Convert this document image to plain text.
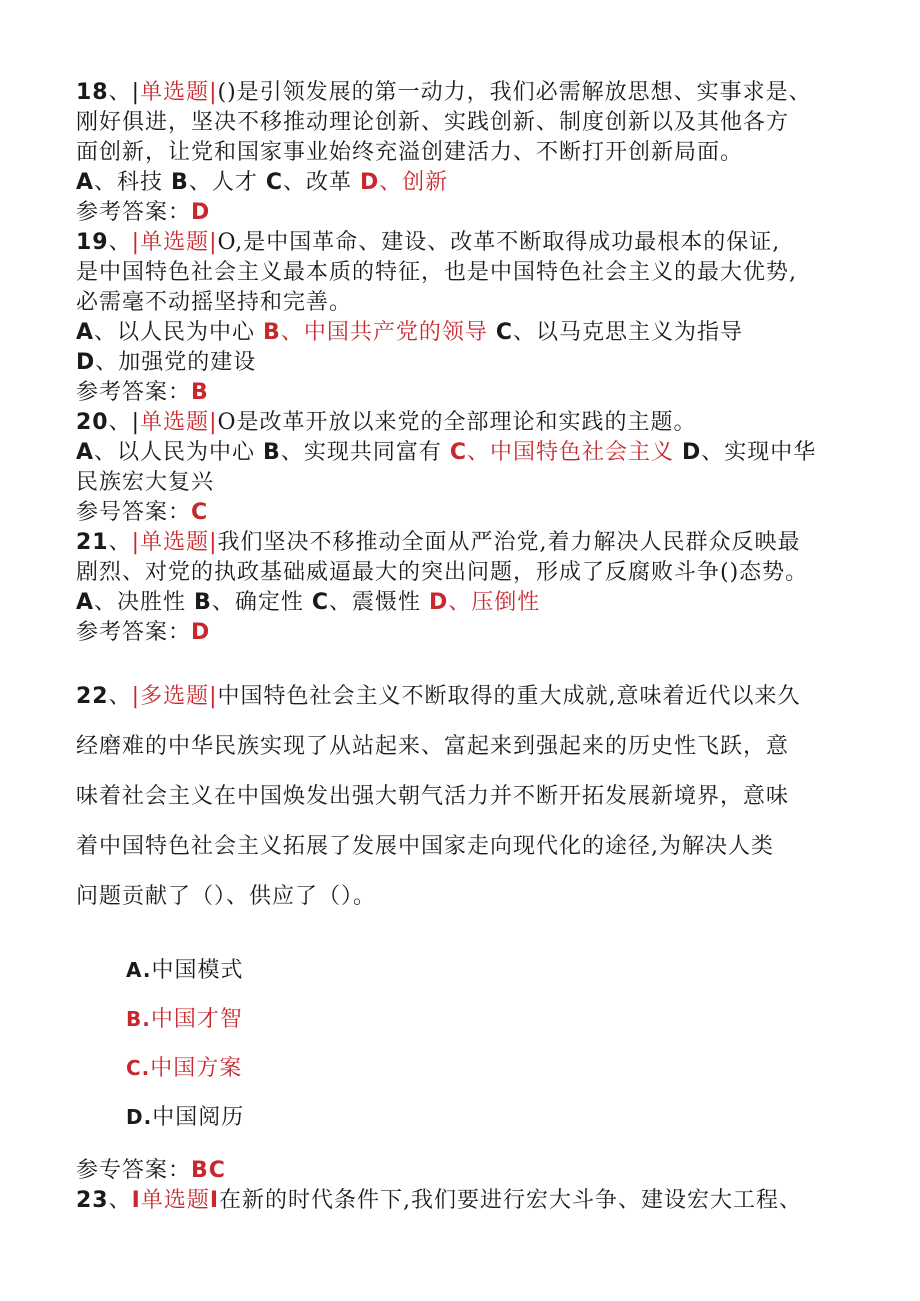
18、|单选题|()是引领发展的第一动力，我们必需解放思想、实事求是、
刚好俱进，坚决不移推动理论创新、实践创新、制度创新以及其他各方
面创新，让党和国家事业始终充溢创建活力、不断打开创新局面。
A、科技 B、人才 C、改革 D、创新
参考答案：D
19、|单选题|O,是中国革命、建设、改革不断取得成功最根本的保证,
是中国特色社会主义最本质的特征，也是中国特色社会主义的最大优势,
必需毫不动摇坚持和完善。
A、以人民为中心 B、中国共产党的领导 C、以马克思主义为指导
D、加强党的建设
参考答案：B
20、|单选题|O是改革开放以来党的全部理论和实践的主题。
A、以人民为中心 B、实现共同富有 C、中国特色社会主义 D、实现中华
民族宏大复兴
参号答案：C
21、|单选题|我们坚决不移推动全面从严治党,着力解决人民群众反映最
剧烈、对党的执政基础威逼最大的突出问题，形成了反腐败斗争()态势。
A、决胜性 B、确定性 C、震慑性 D、压倒性
参考答案：D
22、|多选题|中国特色社会主义不断取得的重大成就,意味着近代以来久
经磨难的中华民族实现了从站起来、富起来到强起来的历史性飞跃，意
味着社会主义在中国焕发出强大朝气活力并不断开拓发展新境界，意味
着中国特色社会主义拓展了发展中国家走向现代化的途径,为解决人类
问题贡献了（）、供应了（）。
A.中国模式
B.中国才智
C.中国方案
D.中国阅历
参专答案：BC
23、I单选题I在新的时代条件下,我们要进行宏大斗争、建设宏大工程、
